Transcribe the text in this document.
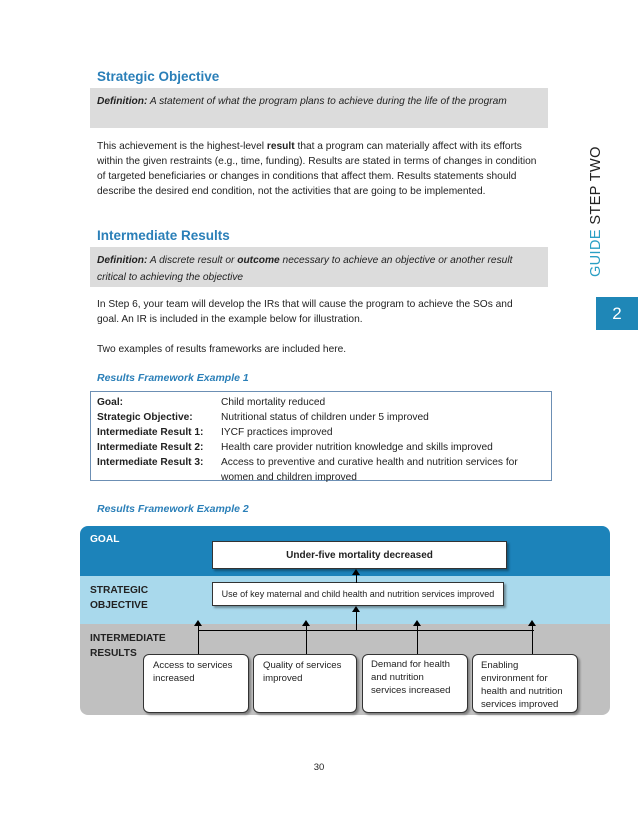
Strategic Objective
Definition: A statement of what the program plans to achieve during the life of the program
This achievement is the highest-level result that a program can materially affect with its efforts within the given restraints (e.g., time, funding). Results are stated in terms of changes in condition of targeted beneficiaries or changes in conditions that affect them. Results statements should describe the desired end condition, not the activities that are going to be implemented.
Intermediate Results
Definition: A discrete result or outcome necessary to achieve an objective or another result critical to achieving the objective
In Step 6, your team will develop the IRs that will cause the program to achieve the SOs and goal. An IR is included in the example below for illustration.
Two examples of results frameworks are included here.
Results Framework Example 1
Goal:	Child mortality reduced
Strategic Objective:	Nutritional status of children under 5 improved
Intermediate Result 1:	IYCF practices improved
Intermediate Result 2:	Health care provider nutrition knowledge and skills improved
Intermediate Result 3:	Access to preventive and curative health and nutrition services for women and children improved
Results Framework Example 2
GOAL
STRATEGIC
OBJECTIVE
INTERMEDIATE
RESULTS
Under-five mortality decreased
Use of key maternal and child health and nutrition services improved
Access to services increased
Quality of services improved
Demand for health and nutrition services increased
Enabling environment for health and nutrition services improved
GUIDE STEP TWO
2
30
